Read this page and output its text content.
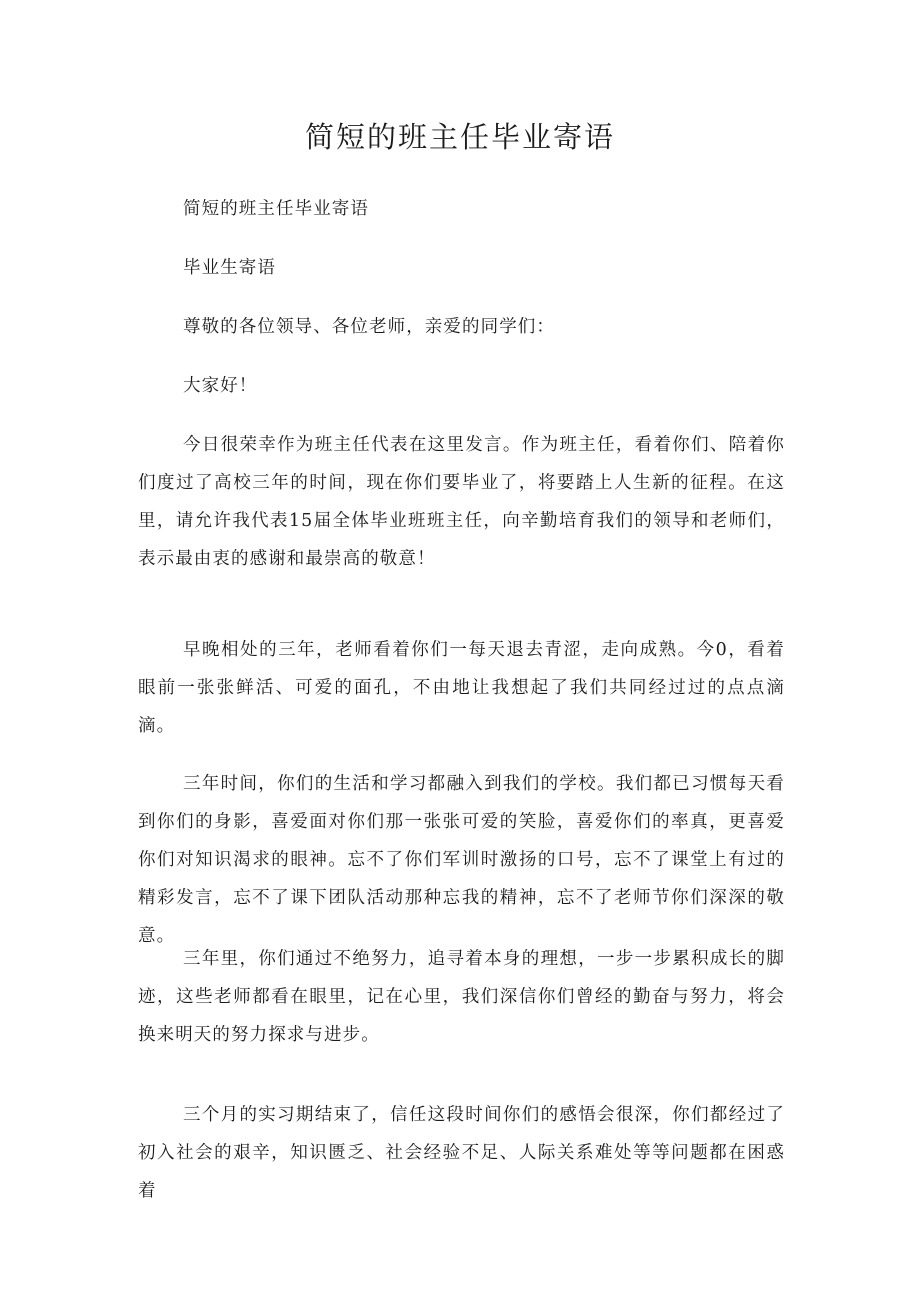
简短的班主任毕业寄语

简短的班主任毕业寄语

毕业生寄语

尊敬的各位领导、各位老师，亲爱的同学们：

大家好！

今日很荣幸作为班主任代表在这里发言。作为班主任，看着你们、陪着你们度过了高校三年的时间，现在你们要毕业了，将要踏上人生新的征程。在这里，请允许我代表15届全体毕业班班主任，向辛勤培育我们的领导和老师们，表示最由衷的感谢和最崇高的敬意！

早晚相处的三年，老师看着你们一每天退去青涩，走向成熟。今0，看着眼前一张张鲜活、可爱的面孔，不由地让我想起了我们共同经过过的点点滴滴。

三年时间，你们的生活和学习都融入到我们的学校。我们都已习惯每天看到你们的身影，喜爱面对你们那一张张可爱的笑脸，喜爱你们的率真，更喜爱你们对知识渴求的眼神。忘不了你们军训时激扬的口号，忘不了课堂上有过的精彩发言，忘不了课下团队活动那种忘我的精神，忘不了老师节你们深深的敬意。

三年里，你们通过不绝努力，追寻着本身的理想，一步一步累积成长的脚迹，这些老师都看在眼里，记在心里，我们深信你们曾经的勤奋与努力，将会换来明天的努力探求与进步。

三个月的实习期结束了，信任这段时间你们的感悟会很深，你们都经过了初入社会的艰辛，知识匮乏、社会经验不足、人际关系难处等等问题都在困惑着
